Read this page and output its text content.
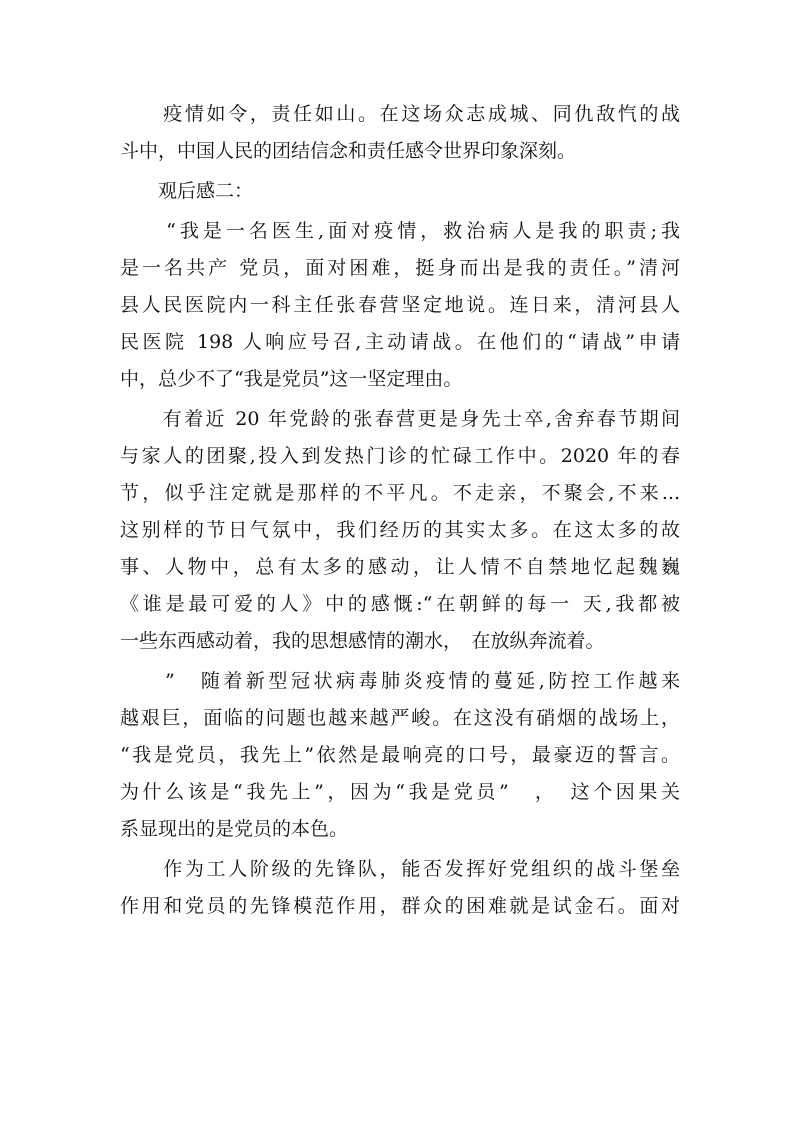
　　疫情如令，责任如山。在这场众志成城、同仇敌忾的战
斗中，中国人民的团结信念和责任感令世界印象深刻。
　　观后感二：
　　“我是一名医生,面对疫情，救治病人是我的职责;我
是一名共产 党员，面对困难，挺身而出是我的责任。”清河
县人民医院内一科主任张春营坚定地说。连日来，清河县人
民医院 198 人响应号召,主动请战。在他们的“请战”申请
中，总少不了“我是党员”这一坚定理由。
　　有着近 20 年党龄的张春营更是身先士卒,舍弃春节期间
与家人的团聚,投入到发热门诊的忙碌工作中。2020 年的春
节，似乎注定就是那样的不平凡。不走亲，不聚会,不来...
这别样的节日气氛中，我们经历的其实太多。在这太多的故
事、人物中，总有太多的感动，让人情不自禁地忆起魏巍
《谁是最可爱的人》中的感慨:“在朝鲜的每一 天,我都被
一些东西感动着，我的思想感情的潮水，　在放纵奔流着。
　　”　随着新型冠状病毒肺炎疫情的蔓延,防控工作越来
越艰巨，面临的问题也越来越严峻。在这没有硝烟的战场上，
“我是党员，我先上”依然是最响亮的口号，最豪迈的誓言。
为什么该是“我先上”，因为“我是党员”　，　这个因果关
系显现出的是党员的本色。
　　作为工人阶级的先锋队，能否发挥好党组织的战斗堡垒
作用和党员的先锋模范作用，群众的困难就是试金石。面对
